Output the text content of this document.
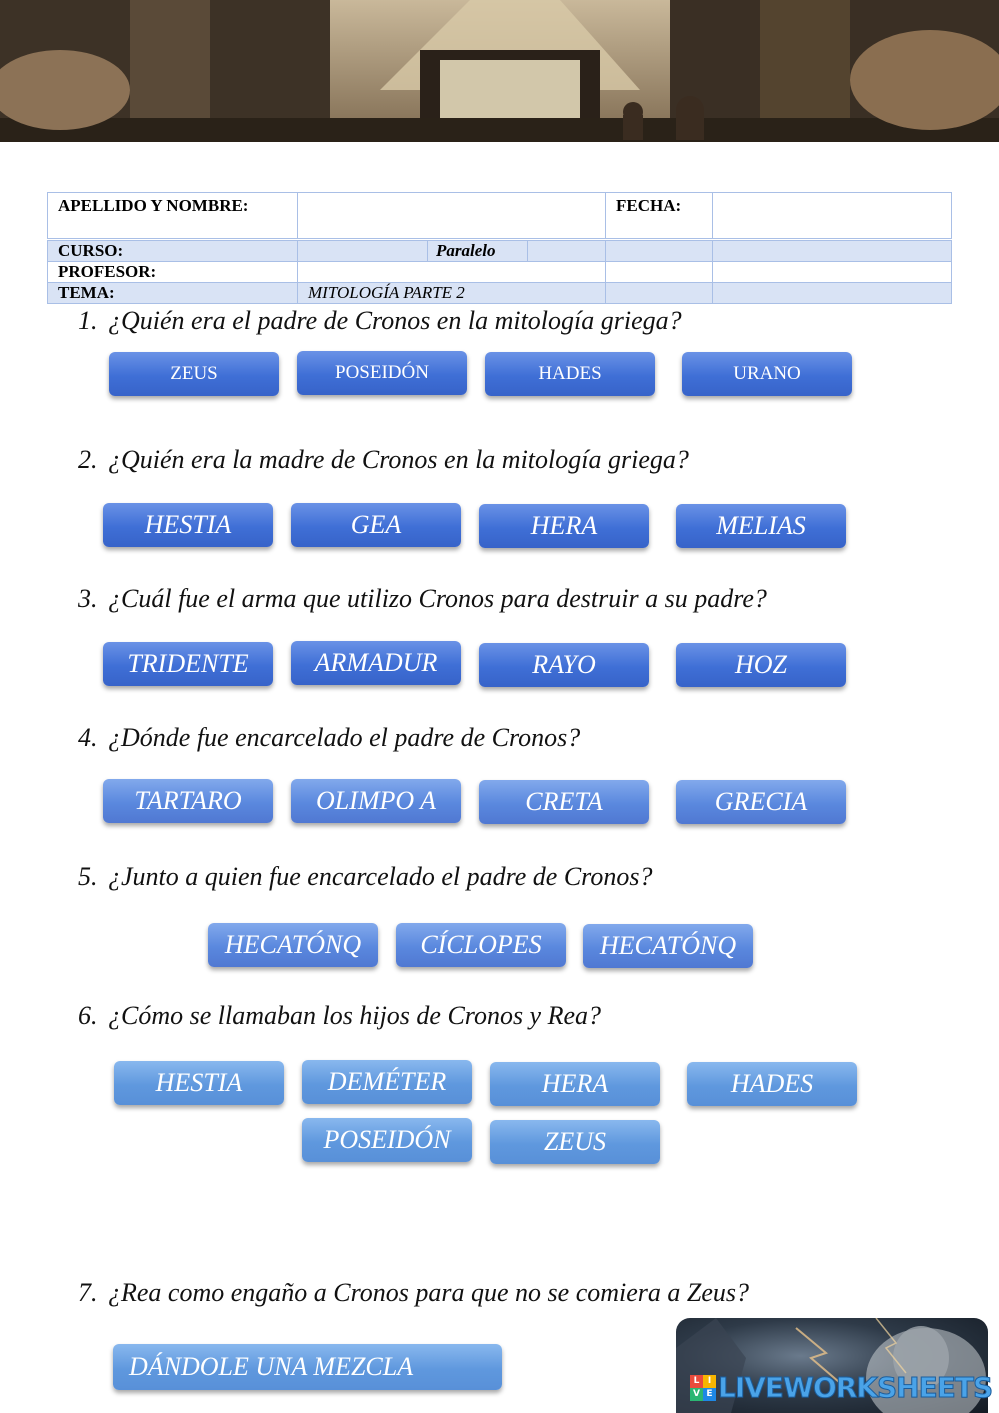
APELLIDO Y NOMBRE:				FECHA:	
CURSO:		Paralelo			
PROFESOR:					
TEMA:	MITOLOGÍA PARTE 2				
1. ¿Quién era el padre de Cronos en la mitología griega?
ZEUS	POSEIDÓN	HADES	URANO
2. ¿Quién era la madre de Cronos en la mitología griega?
HESTIA	GEA	HERA	MELIAS
3. ¿Cuál fue el arma que utilizo Cronos para destruir a su padre?
TRIDENTE	ARMADUR	RAYO	HOZ
4. ¿Dónde fue encarcelado el padre de Cronos?
TARTARO	OLIMPO A	CRETA	GRECIA
5. ¿Junto a quien fue encarcelado el padre de Cronos?
HECATÓNQ	CÍCLOPES	HECATÓNQ
6. ¿Cómo se llamaban los hijos de Cronos y Rea?
HESTIA	DEMÉTER	HERA	HADES
POSEIDÓN	ZEUS
7. ¿Rea como engaño a Cronos para que no se comiera a Zeus?
DÁNDOLE UNA MEZCLA	L I
V E LIVEWORKSHEETS
